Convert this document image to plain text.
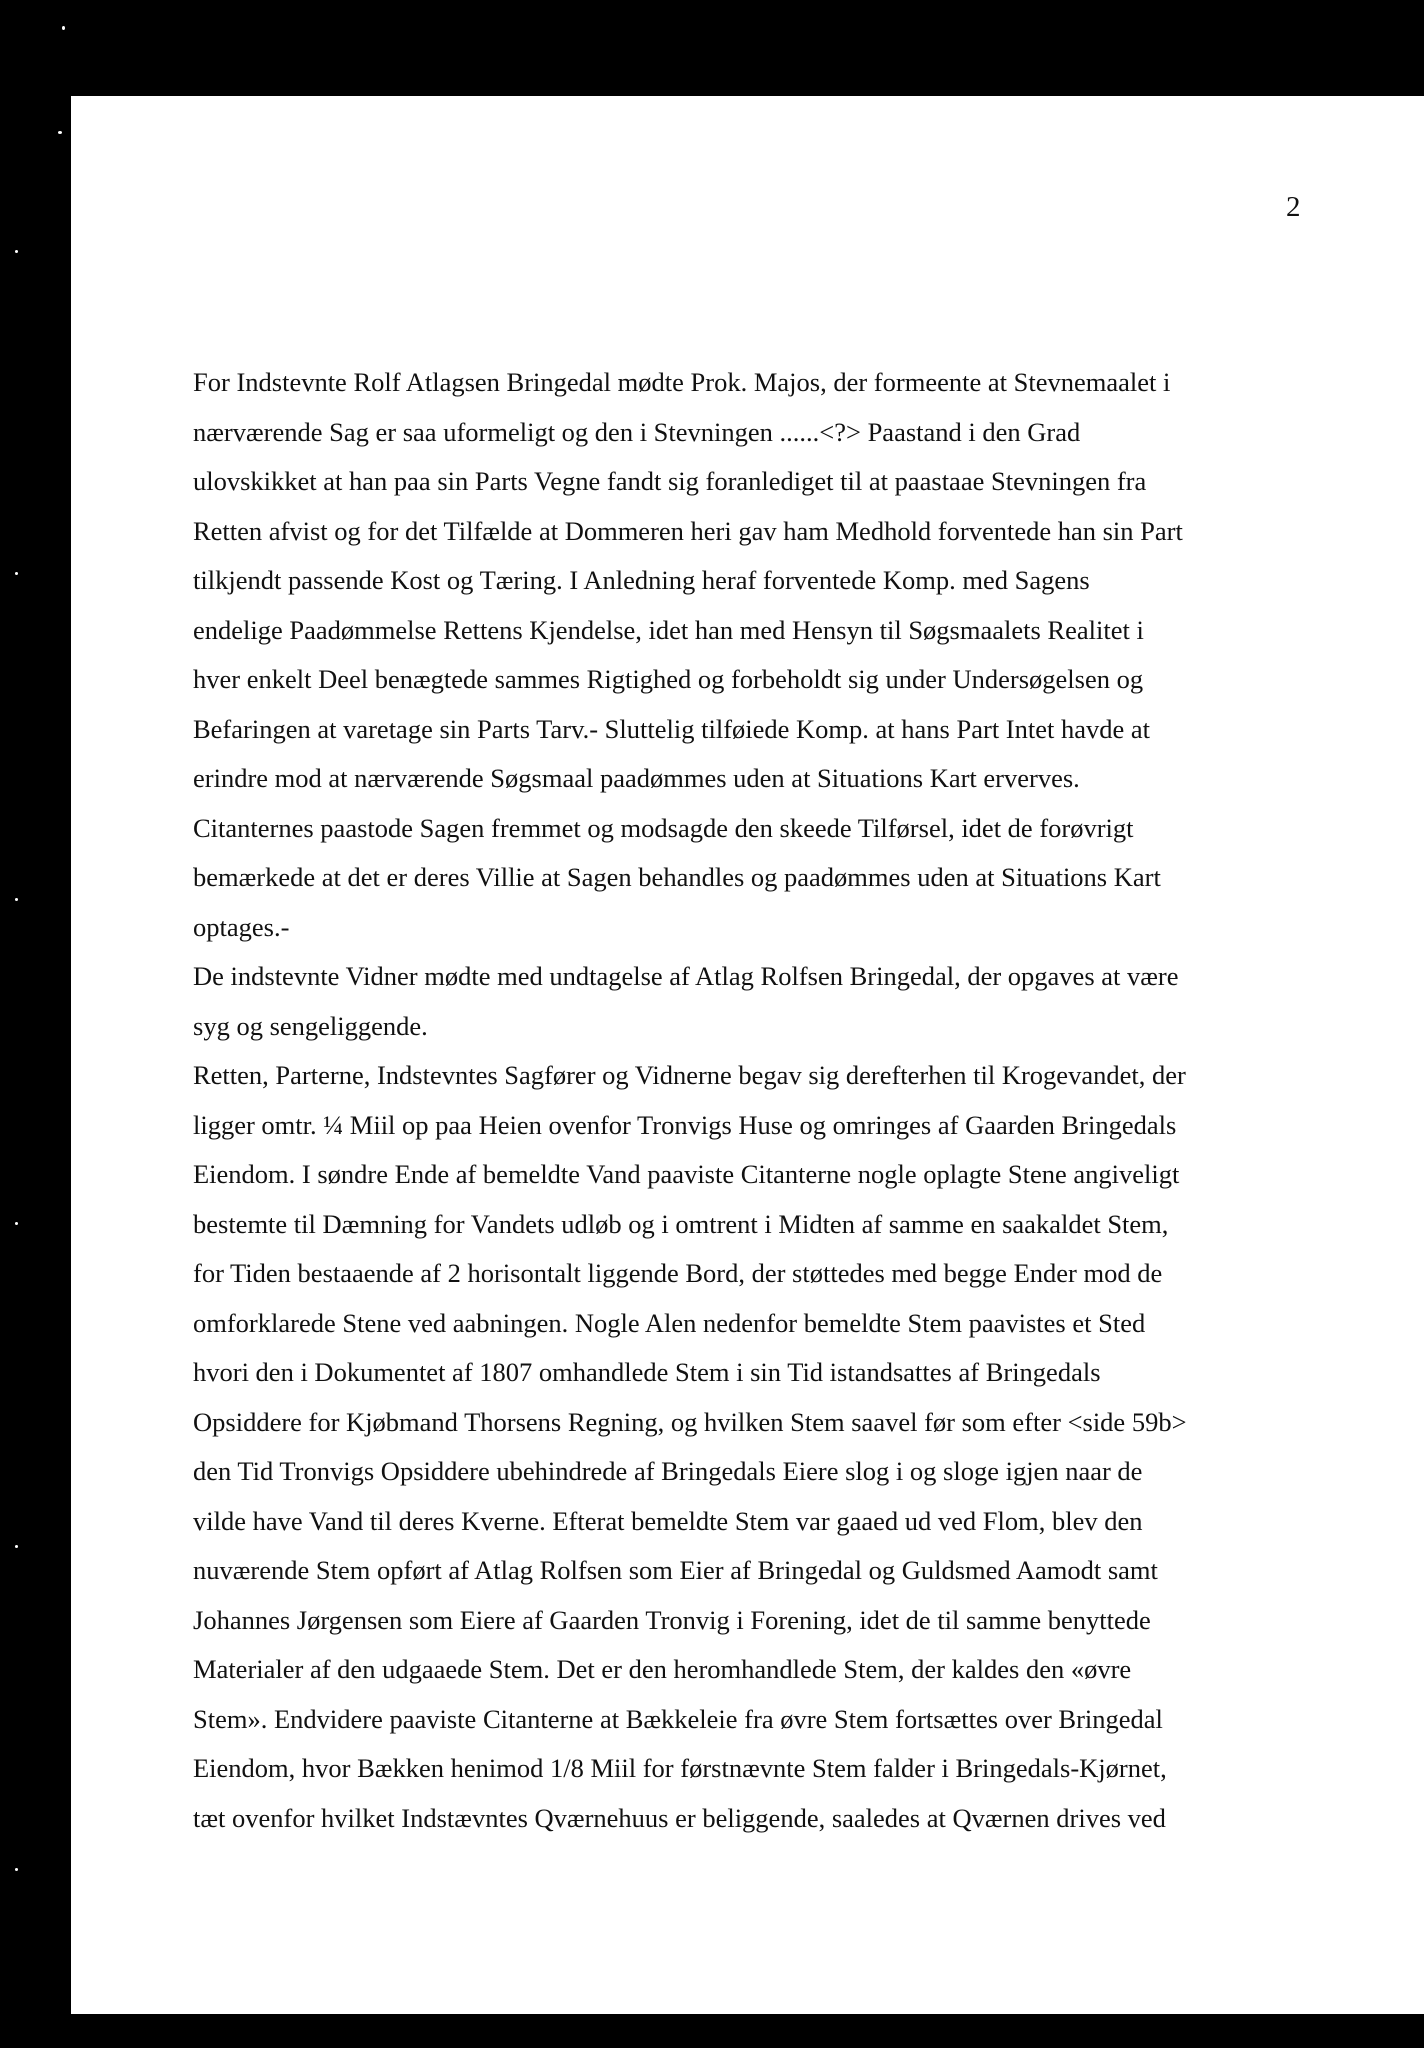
2
For Indstevnte Rolf Atlagsen Bringedal mødte Prok. Majos, der formeente at Stevnemaalet i
nærværende Sag er saa uformeligt og den i Stevningen ......<?> Paastand i den Grad
ulovskikket at han paa sin Parts Vegne fandt sig foranlediget til at paastaae Stevningen fra
Retten afvist og for det Tilfælde at Dommeren heri gav ham Medhold forventede han sin Part
tilkjendt passende Kost og Tæring. I Anledning heraf forventede Komp. med Sagens
endelige Paadømmelse Rettens Kjendelse, idet han med Hensyn til Søgsmaalets Realitet i
hver enkelt Deel benægtede sammes Rigtighed og forbeholdt sig under Undersøgelsen og
Befaringen at varetage sin Parts Tarv.- Sluttelig tilføiede Komp. at hans Part Intet havde at
erindre mod at nærværende Søgsmaal paadømmes uden at Situations Kart erverves.
Citanternes paastode Sagen fremmet og modsagde den skeede Tilførsel, idet de forøvrigt
bemærkede at det er deres Villie at Sagen behandles og paadømmes uden at Situations Kart
optages.-
De indstevnte Vidner mødte med undtagelse af Atlag Rolfsen Bringedal, der opgaves at være
syg og sengeliggende.
Retten, Parterne, Indstevntes Sagfører og Vidnerne begav sig derefterhen til Krogevandet, der
ligger omtr. ¼ Miil op paa Heien ovenfor Tronvigs Huse og omringes af Gaarden Bringedals
Eiendom. I søndre Ende af bemeldte Vand paaviste Citanterne nogle oplagte Stene angiveligt
bestemte til Dæmning for Vandets udløb og i omtrent i Midten af samme en saakaldet Stem,
for Tiden bestaaende af 2 horisontalt liggende Bord, der støttedes med begge Ender mod de
omforklarede Stene ved aabningen. Nogle Alen nedenfor bemeldte Stem paavistes et Sted
hvori den i Dokumentet af 1807 omhandlede Stem i sin Tid istandsattes af Bringedals
Opsiddere for Kjøbmand Thorsens Regning, og hvilken Stem saavel før som efter <side 59b>
den Tid Tronvigs Opsiddere ubehindrede af Bringedals Eiere slog i og sloge igjen naar de
vilde have Vand til deres Kverne. Efterat bemeldte Stem var gaaed ud ved Flom, blev den
nuværende Stem opført af Atlag Rolfsen som Eier af Bringedal og Guldsmed Aamodt samt
Johannes Jørgensen som Eiere af Gaarden Tronvig i Forening, idet de til samme benyttede
Materialer af den udgaaede Stem. Det er den heromhandlede Stem, der kaldes den «øvre
Stem». Endvidere paaviste Citanterne at Bækkeleie fra øvre Stem fortsættes over Bringedal
Eiendom, hvor Bækken henimod 1/8 Miil for førstnævnte Stem falder i Bringedals-Kjørnet,
tæt ovenfor hvilket Indstævntes Qværnehuus er beliggende, saaledes at Qværnen drives ved
